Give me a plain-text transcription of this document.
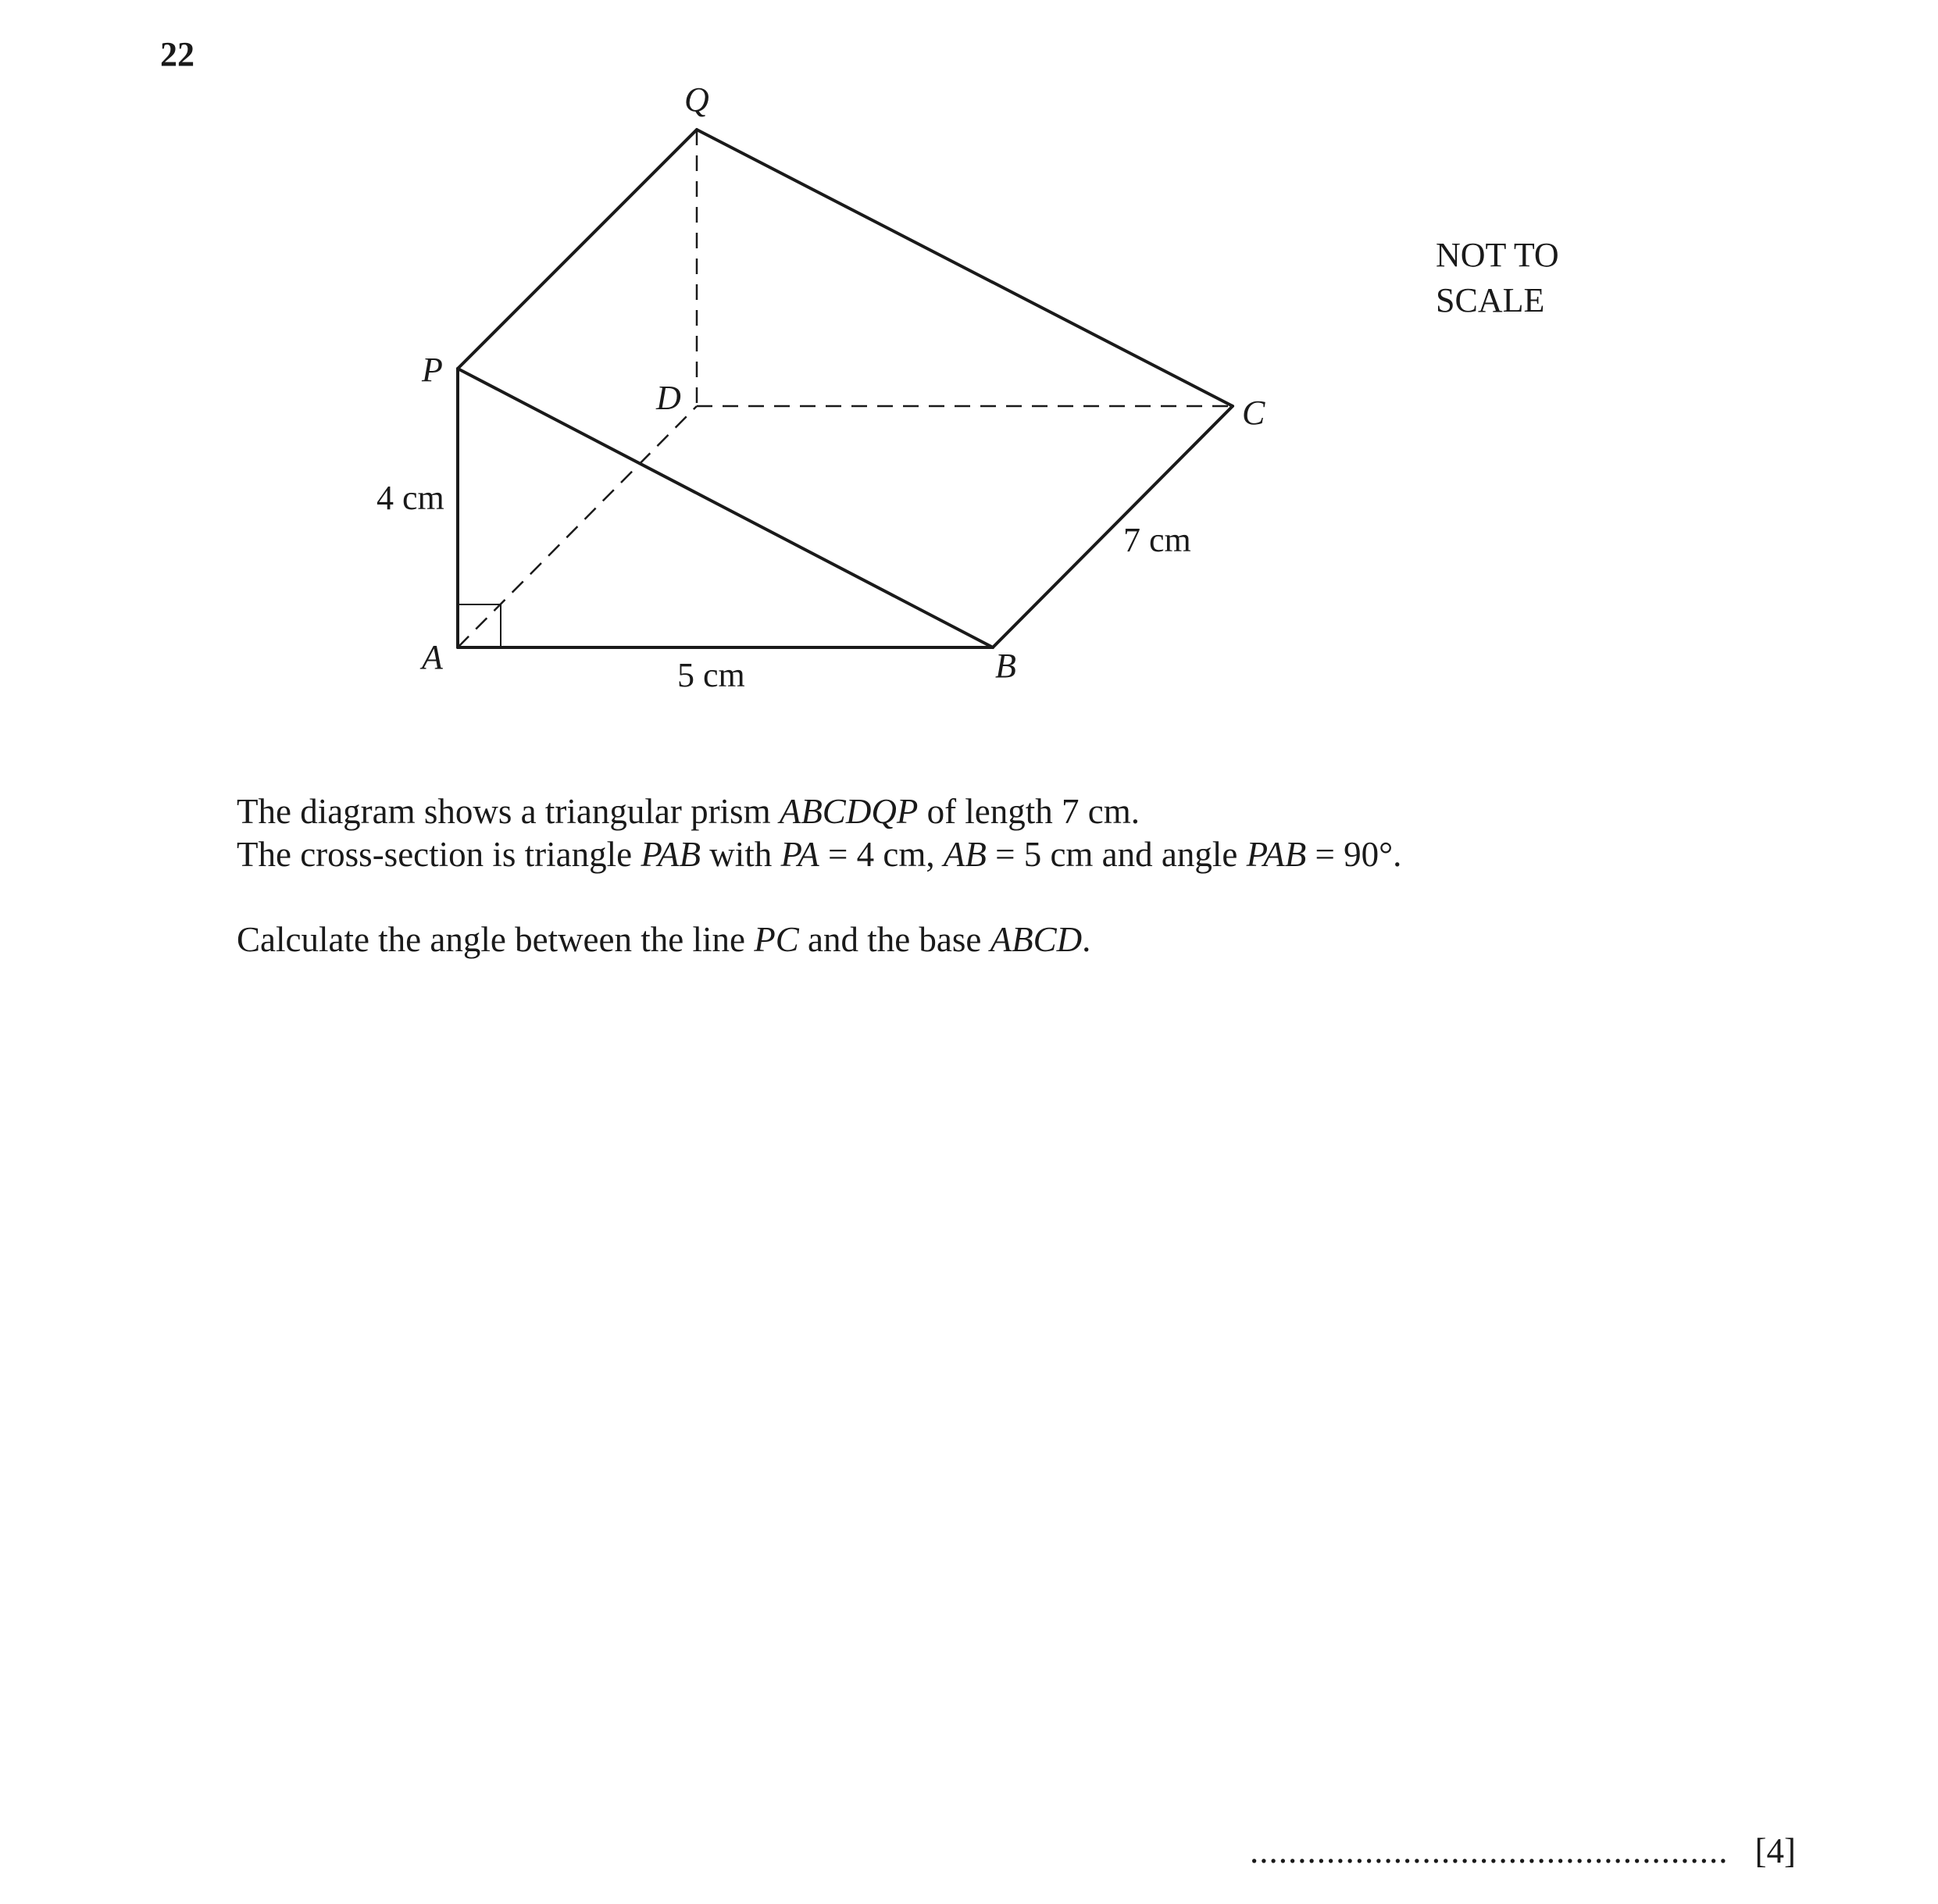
22
Q
P
D	C
A	B
4 cm
5 cm
7 cm
NOT TO
SCALE

The diagram shows a triangular prism ABCDQP of length 7 cm.

The cross-section is triangle PAB with PA = 4 cm, AB = 5 cm and angle PAB = 90°.

Calculate the angle between the line PC and the base ABCD.

.................................................. [4]
